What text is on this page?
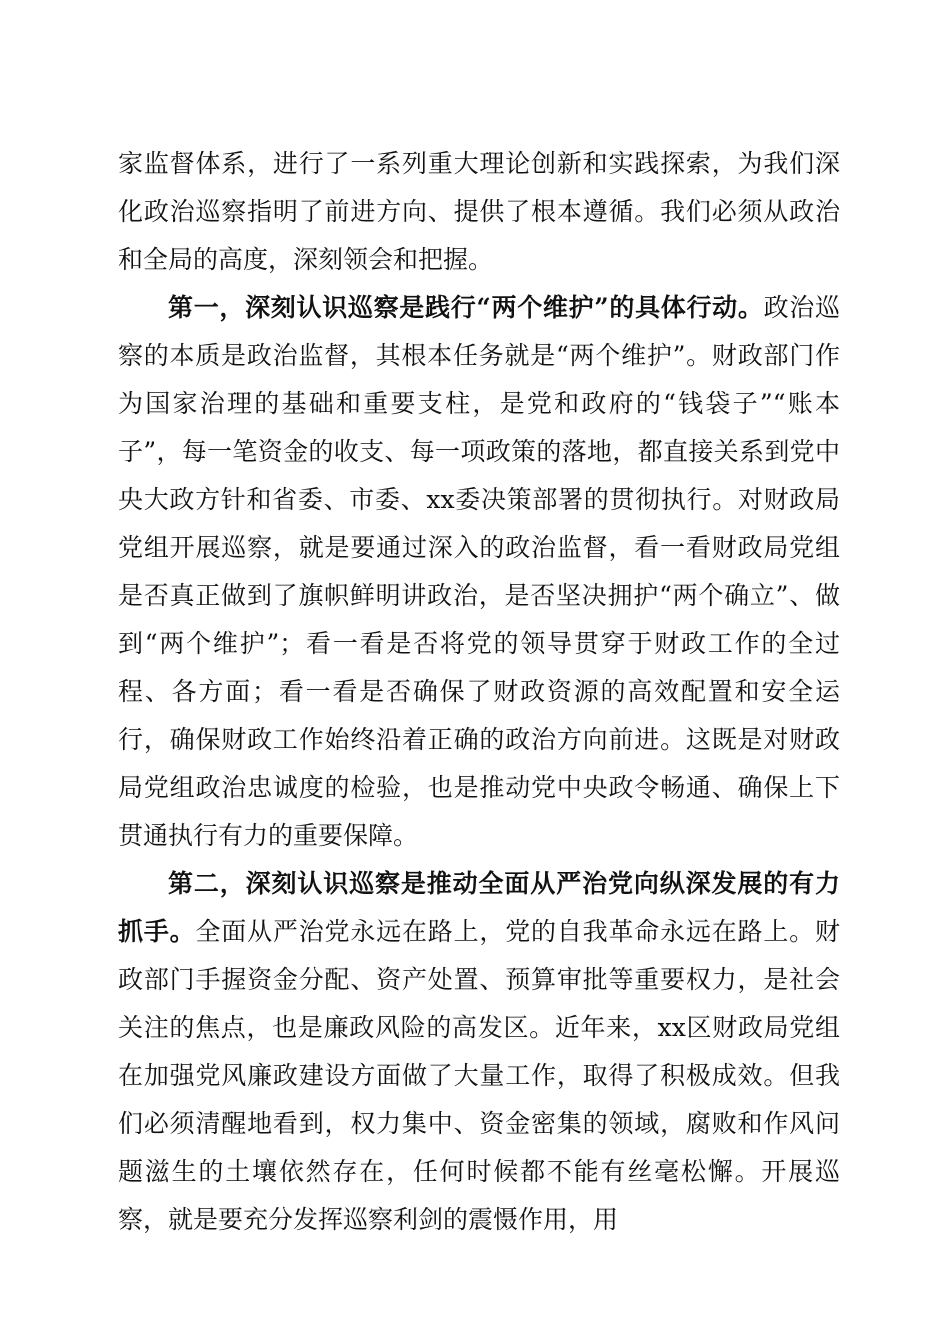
家监督体系，进行了一系列重大理论创新和实践探索，为我们深化政治巡察指明了前进方向、提供了根本遵循。我们必须从政治和全局的高度，深刻领会和把握。

第一，深刻认识巡察是践行“两个维护”的具体行动。政治巡察的本质是政治监督，其根本任务就是“两个维护”。财政部门作为国家治理的基础和重要支柱，是党和政府的“钱袋子”“账本子”，每一笔资金的收支、每一项政策的落地，都直接关系到党中央大政方针和省委、市委、xx委决策部署的贯彻执行。对财政局党组开展巡察，就是要通过深入的政治监督，看一看财政局党组是否真正做到了旗帜鲜明讲政治，是否坚决拥护“两个确立”、做到“两个维护”；看一看是否将党的领导贯穿于财政工作的全过程、各方面；看一看是否确保了财政资源的高效配置和安全运行，确保财政工作始终沿着正确的政治方向前进。这既是对财政局党组政治忠诚度的检验，也是推动党中央政令畅通、确保上下贯通执行有力的重要保障。

第二，深刻认识巡察是推动全面从严治党向纵深发展的有力抓手。全面从严治党永远在路上，党的自我革命永远在路上。财政部门手握资金分配、资产处置、预算审批等重要权力，是社会关注的焦点，也是廉政风险的高发区。近年来，xx区财政局党组在加强党风廉政建设方面做了大量工作，取得了积极成效。但我们必须清醒地看到，权力集中、资金密集的领域，腐败和作风问题滋生的土壤依然存在，任何时候都不能有丝毫松懈。开展巡察，就是要充分发挥巡察利剑的震慑作用，用
